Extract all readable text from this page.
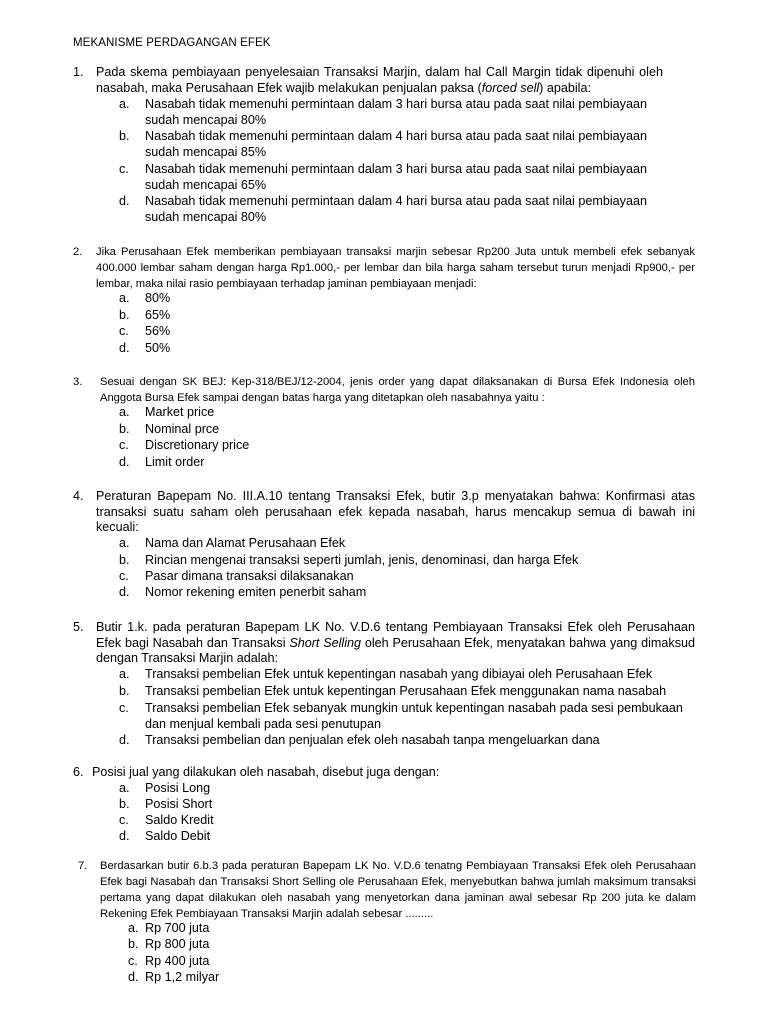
MEKANISME PERDAGANGAN EFEK
1. Pada skema pembiayaan penyelesaian Transaksi Marjin, dalam hal Call Margin tidak dipenuhi oleh nasabah, maka Perusahaan Efek wajib melakukan penjualan paksa (forced sell) apabila:
a. Nasabah tidak memenuhi permintaan dalam 3 hari bursa atau pada saat nilai pembiayaan sudah mencapai 80%
b. Nasabah tidak memenuhi permintaan dalam 4 hari bursa atau pada saat nilai pembiayaan sudah mencapai 85%
c. Nasabah tidak memenuhi permintaan dalam 3 hari bursa atau pada saat nilai pembiayaan sudah mencapai 65%
d. Nasabah tidak memenuhi permintaan dalam 4 hari bursa atau pada saat nilai pembiayaan sudah mencapai 80%
2. Jika Perusahaan Efek memberikan pembiayaan transaksi marjin sebesar Rp200 Juta untuk membeli efek sebanyak 400.000 lembar saham dengan harga Rp1.000,- per lembar dan bila harga saham tersebut turun menjadi Rp900,- per lembar, maka nilai rasio pembiayaan terhadap jaminan pembiayaan menjadi:
a. 80%
b. 65%
c. 56%
d. 50%
3. Sesuai dengan SK BEJ: Kep-318/BEJ/12-2004, jenis order yang dapat dilaksanakan di Bursa Efek Indonesia oleh Anggota Bursa Efek sampai dengan batas harga yang ditetapkan oleh nasabahnya yaitu :
a. Market price
b. Nominal prce
c. Discretionary price
d. Limit order
4. Peraturan Bapepam No. III.A.10 tentang Transaksi Efek, butir 3.p menyatakan bahwa: Konfirmasi atas transaksi suatu saham oleh perusahaan efek kepada nasabah, harus mencakup semua di bawah ini kecuali:
a. Nama dan Alamat Perusahaan Efek
b. Rincian mengenai transaksi seperti jumlah, jenis, denominasi, dan harga Efek
c. Pasar dimana transaksi dilaksanakan
d. Nomor rekening emiten penerbit saham
5. Butir 1.k. pada peraturan Bapepam LK No. V.D.6 tentang Pembiayaan Transaksi Efek oleh Perusahaan Efek bagi Nasabah dan Transaksi Short Selling oleh Perusahaan Efek, menyatakan bahwa yang dimaksud dengan Transaksi Marjin adalah:
a. Transaksi pembelian Efek untuk kepentingan nasabah yang dibiayai oleh Perusahaan Efek
b. Transaksi pembelian Efek untuk kepentingan Perusahaan Efek menggunakan nama nasabah
c. Transaksi pembelian Efek sebanyak mungkin untuk kepentingan nasabah pada sesi pembukaan dan menjual kembali pada sesi penutupan
d. Transaksi pembelian dan penjualan efek oleh nasabah tanpa mengeluarkan dana
6. Posisi jual yang dilakukan oleh nasabah, disebut juga dengan:
a. Posisi Long
b. Posisi Short
c. Saldo Kredit
d. Saldo Debit
7. Berdasarkan butir 6.b.3 pada peraturan Bapepam LK No. V.D.6 tenatng Pembiayaan Transaksi Efek oleh Perusahaan Efek bagi Nasabah dan Transaksi Short Selling ole Perusahaan Efek, menyebutkan bahwa jumlah maksimum transaksi pertama yang dapat dilakukan oleh nasabah yang menyetorkan dana jaminan awal sebesar Rp 200 juta ke dalam Rekening Efek Pembiayaan Transaksi Marjin adalah sebesar .........
a. Rp 700 juta
b. Rp 800 juta
c. Rp 400 juta
d. Rp 1,2 milyar
